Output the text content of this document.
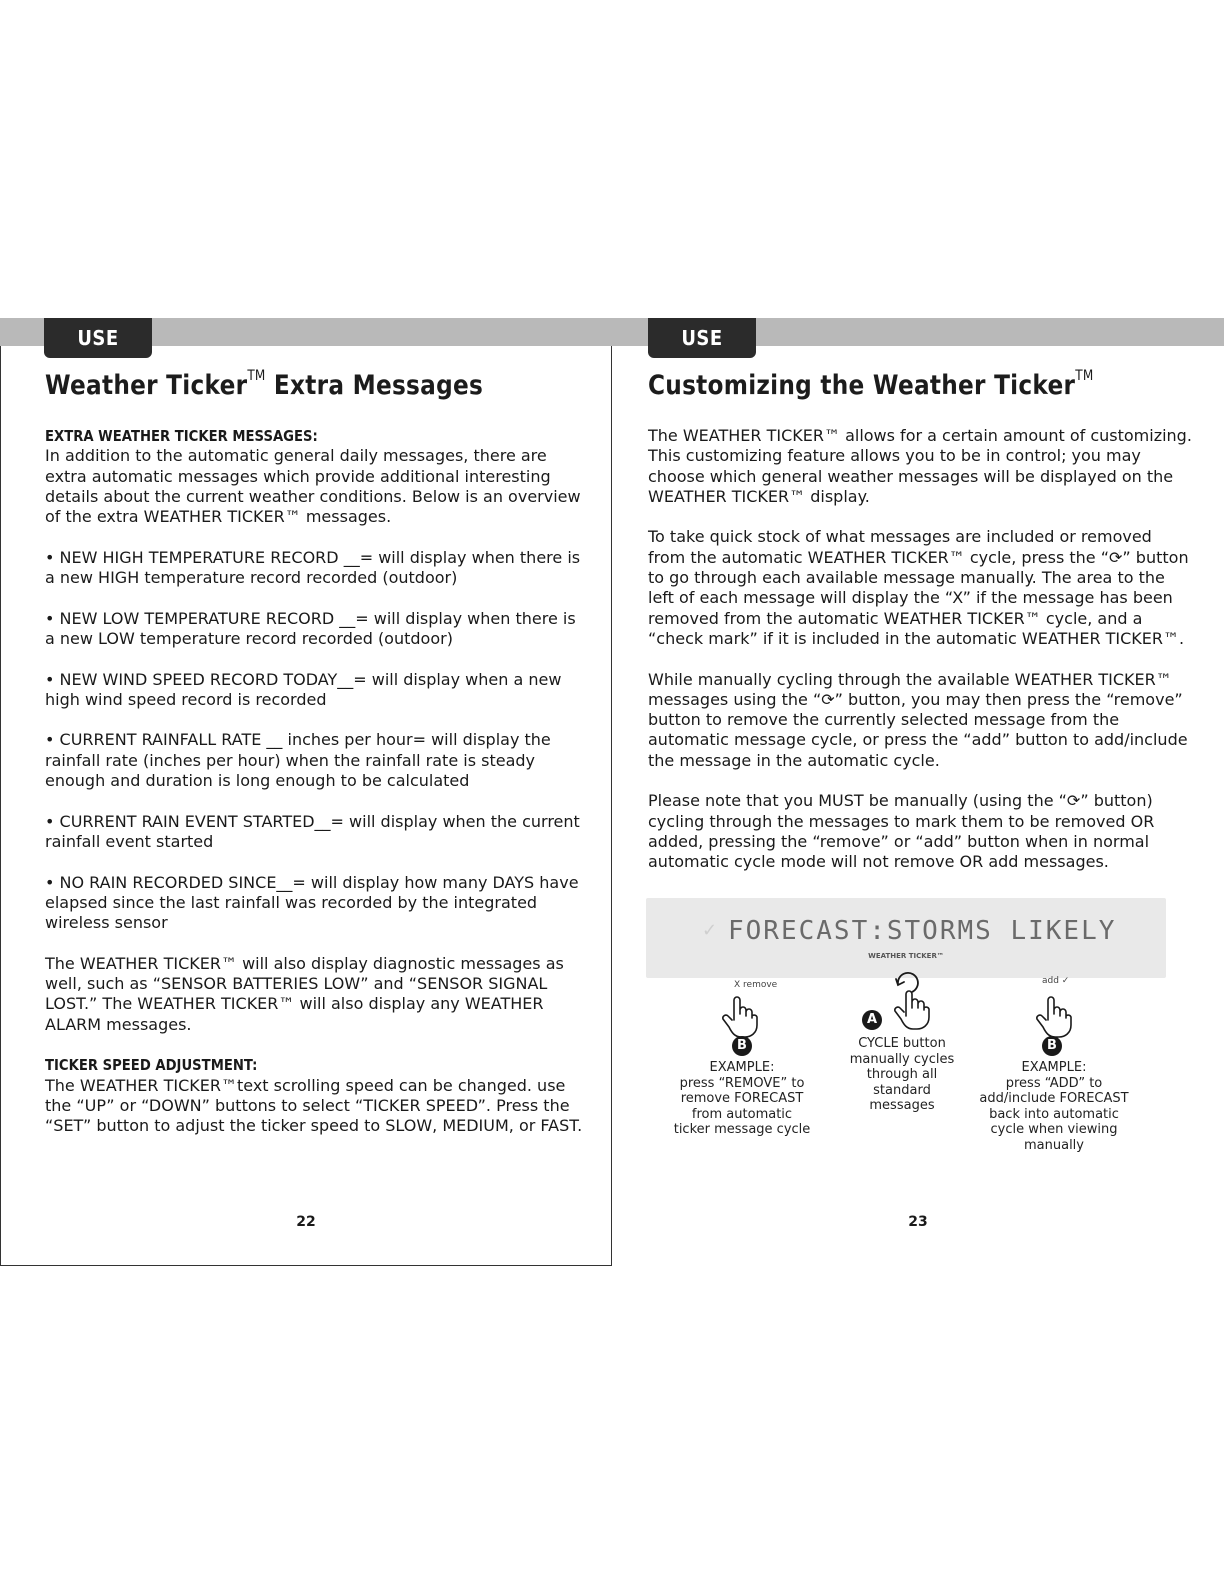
USE	USE
Weather Ticker™ Extra Messages

EXTRA WEATHER TICKER MESSAGES:

In addition to the automatic general daily messages, there are extra automatic messages which provide additional interesting details about the current weather conditions. Below is an overview of the extra WEATHER TICKER™ messages.

• NEW HIGH TEMPERATURE RECORD __= will display when there is a new HIGH temperature record recorded (outdoor)

• NEW LOW TEMPERATURE RECORD __= will display when there is a new LOW temperature record recorded (outdoor)

• NEW WIND SPEED RECORD TODAY__= will display when a new high wind speed record is recorded

• CURRENT RAINFALL RATE __ inches per hour= will display the rainfall rate (inches per hour) when the rainfall rate is steady enough and duration is long enough to be calculated

• CURRENT RAIN EVENT STARTED__= will display when the current rainfall event started

• NO RAIN RECORDED SINCE__= will display how many DAYS have elapsed since the last rainfall was recorded by the integrated wireless sensor

The WEATHER TICKER™ will also display diagnostic messages as well, such as “SENSOR BATTERIES LOW” and “SENSOR SIGNAL LOST.” The WEATHER TICKER™ will also display any WEATHER ALARM messages.

TICKER SPEED ADJUSTMENT:

The WEATHER TICKER™text scrolling speed can be changed. use the “UP” or “DOWN” buttons to select “TICKER SPEED”. Press the “SET” button to adjust the ticker speed to SLOW, MEDIUM, or FAST.

22
Customizing the Weather Ticker™

The WEATHER TICKER™ allows for a certain amount of customizing. This customizing feature allows you to be in control; you may choose which general weather messages will be displayed on the WEATHER TICKER™ display.

To take quick stock of what messages are included or removed from the automatic WEATHER TICKER™ cycle, press the “⟳” button to go through each available message manually. The area to the left of each message will display the “X” if the message has been removed from the automatic WEATHER TICKER™ cycle, and a “check mark” if it is included in the automatic WEATHER TICKER™.

While manually cycling through the available WEATHER TICKER™ messages using the “⟳” button, you may then press the “remove” button to remove the currently selected message from the automatic message cycle, or press the “add” button to add/include the message in the automatic cycle.

Please note that you MUST be manually (using the “⟳” button) cycling through the messages to mark them to be removed OR added, pressing the “remove” or “add” button when in normal automatic cycle mode will not remove OR add messages.

✓ FORECAST:STORMS LIKELY
WEATHER TICKER™
X remove
B
EXAMPLE:
press “REMOVE” to
remove FORECAST
from automatic
ticker message cycle
A
CYCLE button
manually cycles
through all
standard
messages
add ✓
B
EXAMPLE:
press “ADD” to
add/include FORECAST
back into automatic
cycle when viewing
manually
23
